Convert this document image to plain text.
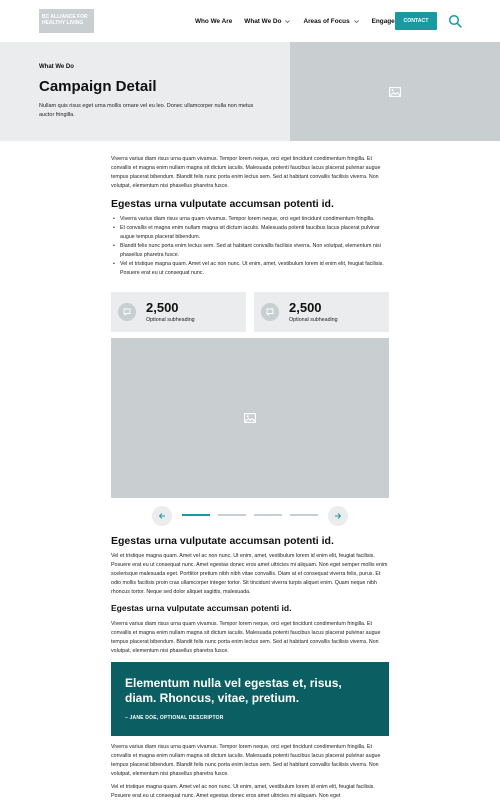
BC ALLIANCE FOR
HEALTHY LIVING	Who We Are What We Do	Areas of Focus	Engage	CONTACT
What We Do
Campaign Detail
Nullam quis risus eget urna mollis ornare vel eu leo. Donec ullamcorper nulla non metus auctor fringilla.
Viverra varius diam risus urna quam vivamus. Tempor lorem neque, orci eget tincidunt condimentum fringilla. Et convallis et magna enim nullam magna sit dictum iaculis. Malesuada potenti faucibus lacus placerat pulvinar augue tempus placerat bibendum. Blandit felis nunc porta enim lectus sem. Sed at habitant convallis facilisis viverra. Non volutpat, elementum nisi phasellus pharetra fusce.
Egestas urna vulputate accumsan potenti id.
• Viverra varius diam risus urna quam vivamus. Tempor lorem neque, orci eget tincidunt condimentum fringilla.
• Et convallis et magna enim nullam magna sit dictum iaculis. Malesuada potenti faucibus lacus placerat pulvinar augue tempus placerat bibendum.
• Blandit felis nunc porta enim lectus sem. Sed at habitant convallis facilisis viverra. Non volutpat, elementum nisi phasellus pharetra fusce.
• Vel et tristique magna quam. Amet vel ac non nunc. Ut enim, amet, vestibulum lorem id enim elit, feugiat facilisis. Posuere erat eu ut consequat nunc.
2,500
Optional subheading
2,500
Optional subheading
Egestas urna vulputate accumsan potenti id.
Vel et tristique magna quam. Amet vel ac non nunc. Ut enim, amet, vestibulum lorem id enim elit, feugiat facilisis. Posuere erat eu ut consequat nunc. Amet egestas donec eros amet ultricies mi aliquam. Non eget semper mollis enim scelerisque malesuada eget. Porttitor pretium nibh nibh vitae convallis. Diam at et consequat viverra felis, purus. Et odio mollis facilisis proin cras ullamcorper integer tortor. Sit tincidunt viverra turpis aliquet enim. Quam neque nibh rhoncus tortor. Neque sed dolor aliquet sagittis, malesuada.
Egestas urna vulputate accumsan potenti id.
Viverra varius diam risus urna quam vivamus. Tempor lorem neque, orci eget tincidunt condimentum fringilla. Et convallis et magna enim nullam magna sit dictum iaculis. Malesuada potenti faucibus lacus placerat pulvinar augue tempus placerat bibendum. Blandit felis nunc porta enim lectus sem. Sed at habitant convallis facilisis viverra. Non volutpat, elementum nisi phasellus pharetra fusce.
Elementum nulla vel egestas et, risus, diam. Rhoncus, vitae, pretium.
– JANE DOE, OPTIONAL DESCRIPTOR
Viverra varius diam risus urna quam vivamus. Tempor lorem neque, orci eget tincidunt condimentum fringilla. Et convallis et magna enim nullam magna sit dictum iaculis. Malesuada potenti faucibus lacus placerat pulvinar augue tempus placerat bibendum. Blandit felis nunc porta enim lectus sem. Sed at habitant convallis facilisis viverra. Non volutpat, elementum nisi phasellus pharetra fusce.
Vel et tristique magna quam. Amet vel ac non nunc. Ut enim, amet, vestibulum lorem id enim elit, feugiat facilisis. Posuere erat eu ut consequat nunc. Amet egestas donec eros amet ultricies mi aliquam. Non eget
